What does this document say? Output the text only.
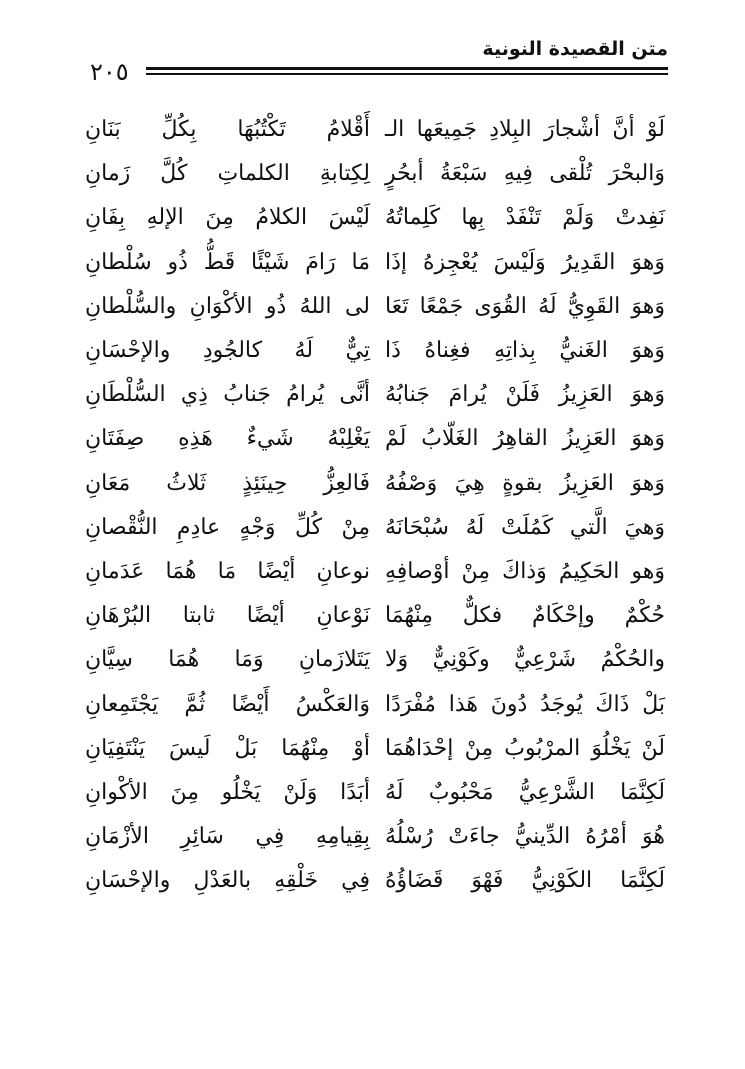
متن القصيدة النونية
٢٠٥
لَوْ أنَّ أشْجارَ البِلادِ جَمِيعَها الـ
أَقْلامُ تَكْتُبُهَا بِكُلِّ بَنَانِ
وَالبحْرَ تُلْقى فِيهِ سَبْعَةُ أبحُرٍ
لِكِتابةِ الكلماتِ كُلَّ زَمانِ
نَفِدتْ وَلَمْ تَنْفَدْ بِها كَلِماتُهُ
لَيْسَ الكلامُ مِنَ الإلهِ بِفَانِ
وَهوَ القَدِيرُ وَلَيْسَ يُعْجِزهُ إذَا
مَا رَامَ شَيْئًا قَطُّ ذُو سُلْطانِ
وَهوَ القَوِيُّ لَهُ القُوَى جَمْعًا تَعَا
لى اللهُ ذُو الأكْوَانِ والسُّلْطانِ
وَهوَ الغَنيُّ بِذاتِهِ فغِناهُ ذَا
تِيٌّ لَهُ كالجُودِ والإحْسَانِ
وَهوَ العَزِيزُ فَلَنْ يُرامَ جَنابُهُ
أنَّى يُرامُ جَنابُ ذِي السُّلْطَانِ
وَهوَ العَزِيزُ القاهِرُ الغَلّابُ لَمْ
يَغْلِبْهُ شَيءٌ هَذِهِ صِفَتَانِ
وَهوَ العَزِيزُ بقوةٍ هِيَ وَصْفُهُ
فَالعِزُّ حِينَئِذٍ ثَلاثُ مَعَانِ
وَهيَ الَّتي كَمُلَتْ لَهُ سُبْحَانَهُ
مِنْ كُلِّ وَجْهٍ عادِمِ النُّقْصانِ
وَهو الحَكِيمُ وَذاكَ مِنْ أوْصافِهِ
نوعانِ أيْضًا مَا هُمَا عَدَمانِ
حُكْمٌ وإحْكَامٌ فكلٌّ مِنْهُمَا
نَوْعانِ أيْضًا ثابتا البُرْهَانِ
والحُكْمُ شَرْعِيٌّ وكَوْنِيٌّ وَلا
يَتَلازَمانِ وَمَا هُمَا سِيَّانِ
بَلْ ذَاكَ يُوجَدُ دُونَ هَذا مُفْرَدًا
وَالعَكْسُ أَيْضًا ثُمَّ يَجْتَمِعانِ
لَنْ يَخْلُوَ المرْبُوبُ مِنْ إحْدَاهُمَا
أوْ مِنْهُمَا بَلْ لَيسَ يَنْتَفِيَانِ
لَكِنَّمَا الشَّرْعِيُّ مَحْبُوبٌ لَهُ
أبَدًا وَلَنْ يَخْلُو مِنَ الأكْوانِ
هُوَ أمْرُهُ الدِّينيُّ جاءَتْ رُسْلُهُ
بِقِيامِهِ فِي سَائِرِ الأزْمَانِ
لَكِنَّمَا الكَوْنِيُّ فَهْوَ قَضَاؤُهُ
فِي خَلْقِهِ بالعَدْلِ والإحْسَانِ
